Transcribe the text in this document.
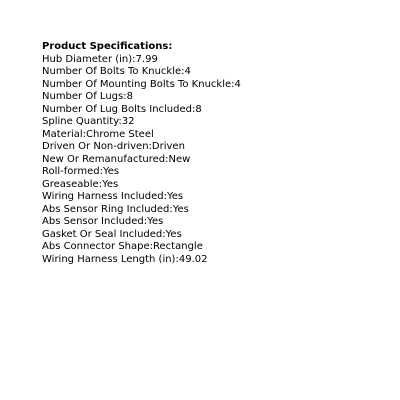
Product Specifications:
Hub Diameter (in):7.99
Number Of Bolts To Knuckle:4
Number Of Mounting Bolts To Knuckle:4
Number Of Lugs:8
Number Of Lug Bolts Included:8
Spline Quantity:32
Material:Chrome Steel
Driven Or Non-driven:Driven
New Or Remanufactured:New
Roll-formed:Yes
Greaseable:Yes
Wiring Harness Included:Yes
Abs Sensor Ring Included:Yes
Abs Sensor Included:Yes
Gasket Or Seal Included:Yes
Abs Connector Shape:Rectangle
Wiring Harness Length (in):49.02
